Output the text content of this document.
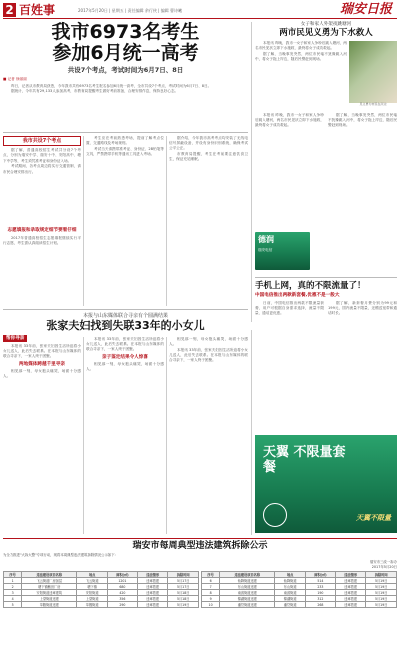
2 百姓事	2017年5月20日 | 星期五 | 责任编辑 余行侠 | 编辑 曹诗曦	瑞安日报
我市6973名考生
参加6月统一高考
共设7个考点，考试时间为6月7日、8日
■ 记者 徐丽丽

昨日，记者从市教育局获悉，今年我市共有6973名考生报名参加6月统一高考，全市共设7个考点，考试时间为6月7日、8日。

据统计，今年共有29,133人参加高考，市教育局提醒考生做好考前准备，合理安排作息，保持良好心态。

我市共设7个考点

据了解，普通高校招生考试共分设7个考点，分别为瑞安中学、瑞安十中、安阳高中、塘下中学等，考生须凭准考证和身份证入场。

考试期间，各考点周边将实行交通管制，请市民合理安排出行。

志愿填报和录取规定细节要看仔细

2017年普通高校招生志愿填报继续实行平行志愿，考生需认真阅读招生计划。

考生应在考前熟悉考场，提前了解考点位置、交通路线及考场规则。

考试当天请携带准考证、身份证、2B铅笔等文具，严禁携带手机等通讯工具进入考场。

据介绍，今年我市高考考点均安装了无线电信号屏蔽设备，并设有身份识别系统，确保考试公平公正。

市教育局提醒，考生在考前要注意饮食卫生，保证充足睡眠。

女子和家人外架夜跳塘河
两市民见义勇为下水救人

本报讯 昨晚，我市一女子和家人争吵后跳入塘河，两名市民见状立即下水施救，最终将女子成功救起。

据了解，当晚事发突然，两位市民毫不犹豫跳入河中，将女子拖上岸边，随后民警赶到现场。

见义勇为市民在河边

本报讯 昨晚，我市一女子和家人争吵后跳入塘河，两名市民见状立即下水施救，最终将女子成功救起。

据了解，当晚事发突然，两位市民毫不犹豫跳入河中，将女子拖上岸边，随后民警赶到现场。

德润
瑞安电信
手机上网，真的不限流量了！
中国电信推出两款新套餐,优惠不是一般大

日前，中国电信推出两款不限流量套餐，用户可根据自身需求选择，流量不限量、通话更优惠。

据了解，新套餐月费分别为99元和199元，国内流量不限量，还赠送宽带和通话时长。

本报与山东媒体联合寻亲有个圆满结果
张家夫妇找到失联33年的小女儿
帮你寻亲

本报讯 33年前，张家夫妇因生活所迫将小女儿送人，此后失去联系。在本报与山东媒体的联合寻亲下，一家人终于团聚。

两地媒体跨越千里寻亲

相见那一刻，母女抱头痛哭，场面十分感人。

本报讯 33年前，张家夫妇因生活所迫将小女儿送人，此后失去联系。在本报与山东媒体的联合寻亲下，一家人终于团聚。

亲子鉴定结果令人惊喜

相见那一刻，母女抱头痛哭，场面十分感人。

相见那一刻，母女抱头痛哭，场面十分感人。

本报讯 33年前，张家夫妇因生活所迫将小女儿送人，此后失去联系。在本报与山东媒体的联合寻亲下，一家人终于团聚。

天翼 不限量套餐
天翼不限量
瑞安市每周典型违法建筑拆除公示
为全力推进"大拆大整"专项行动，现将本周典型违法建筑拆除情况公示如下：
瑞安市三改一拆办
2017年5月20日
序号	违法建设项目名称	地点	面积(㎡)	违法情形	拆除时间
1	飞云街道厂房加层	飞云街道	1201	违章搭建	5月17日
2	塘下镇鲍田厂房	塘下镇	680	违章搭建	5月17日
3	安阳街道违章建筑	安阳街道	420	违章搭建	5月18日
4	上望街道违建	上望街道	356	违章搭建	5月18日
5	莘塍街道违建	莘塍街道	290	违章搭建	5月19日
序号	违法建设项目名称	地点	面积(㎡)	违法情形	拆除时间
6	仙降街道违建	仙降街道	514	违章搭建	5月19日
7	东山街道违建	东山街道	233	违章搭建	5月19日
8	南滨街道违建	南滨街道	190	违章搭建	5月19日
9	锦湖街道违建	锦湖街道	312	违章搭建	5月19日
10	潘岱街道违建	潘岱街道	268	违章搭建	5月19日
